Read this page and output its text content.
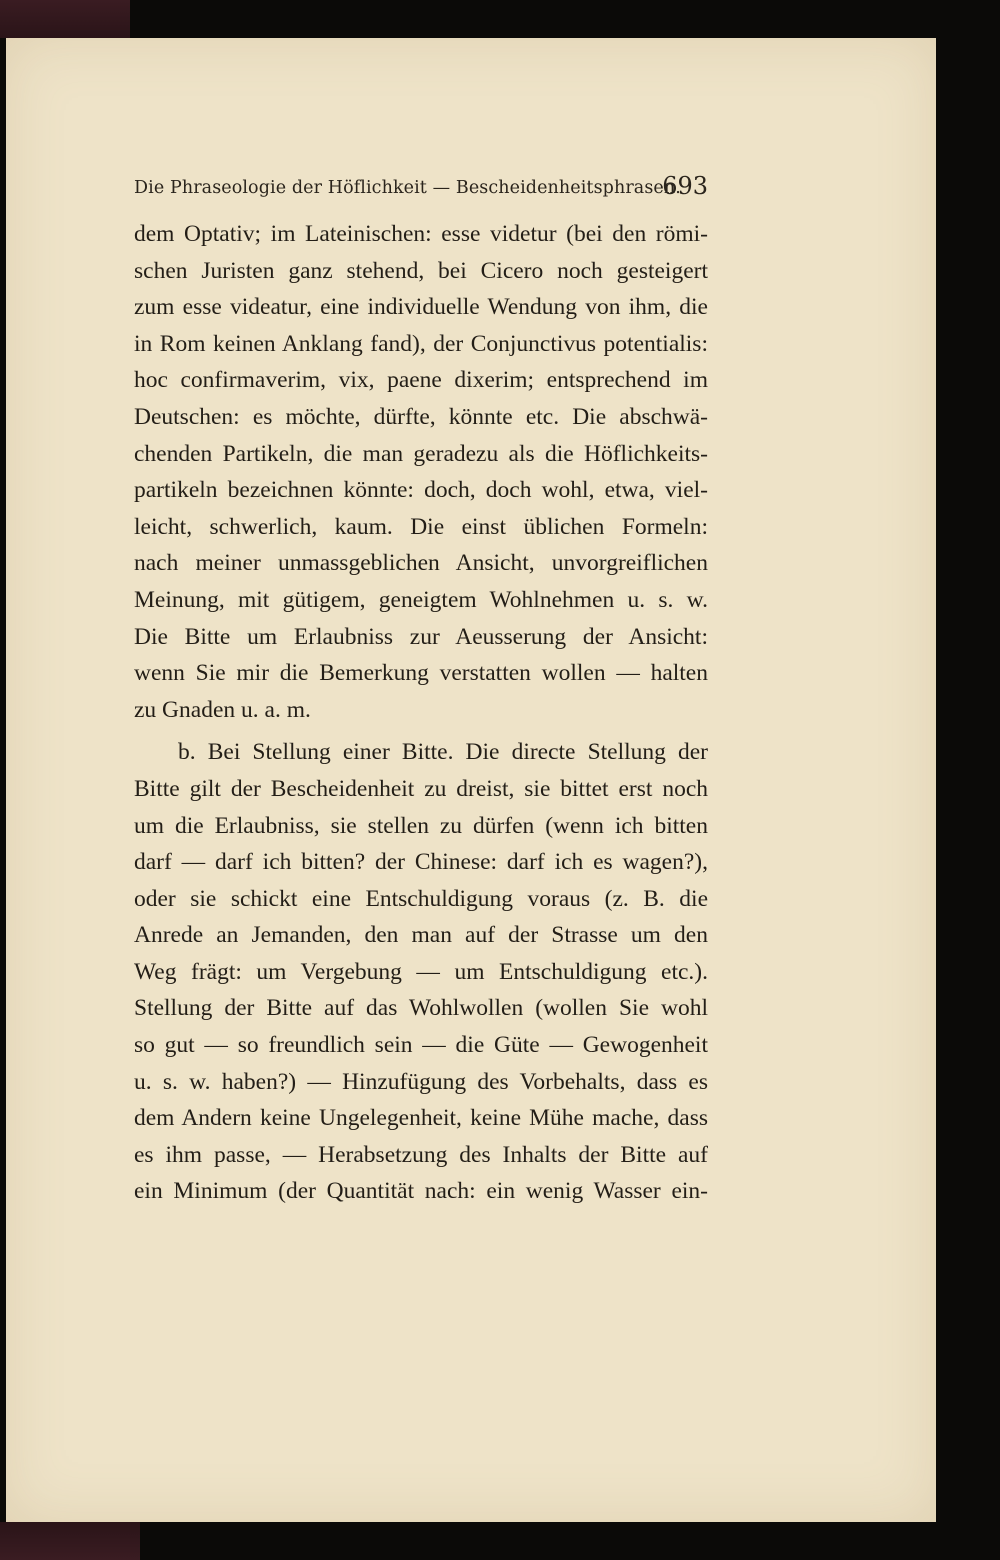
Die Phraseologie der Höflichkeit — Bescheidenheitsphrasen.
693
dem Optativ; im Lateinischen: esse videtur (bei den römi-
schen Juristen ganz stehend, bei Cicero noch gesteigert
zum esse videatur, eine individuelle Wendung von ihm, die
in Rom keinen Anklang fand), der Conjunctivus potentialis:
hoc confirmaverim, vix, paene dixerim; entsprechend im
Deutschen: es möchte, dürfte, könnte etc. Die abschwä-
chenden Partikeln, die man geradezu als die Höflichkeits-
partikeln bezeichnen könnte: doch, doch wohl, etwa, viel-
leicht, schwerlich, kaum. Die einst üblichen Formeln:
nach meiner unmassgeblichen Ansicht, unvorgreiflichen
Meinung, mit gütigem, geneigtem Wohlnehmen u. s. w.
Die Bitte um Erlaubniss zur Aeusserung der Ansicht:
wenn Sie mir die Bemerkung verstatten wollen — halten
zu Gnaden u. a. m.
b. Bei Stellung einer Bitte. Die directe Stellung der
Bitte gilt der Bescheidenheit zu dreist, sie bittet erst noch
um die Erlaubniss, sie stellen zu dürfen (wenn ich bitten
darf — darf ich bitten? der Chinese: darf ich es wagen?),
oder sie schickt eine Entschuldigung voraus (z. B. die
Anrede an Jemanden, den man auf der Strasse um den
Weg frägt: um Vergebung — um Entschuldigung etc.).
Stellung der Bitte auf das Wohlwollen (wollen Sie wohl
so gut — so freundlich sein — die Güte — Gewogenheit
u. s. w. haben?) — Hinzufügung des Vorbehalts, dass es
dem Andern keine Ungelegenheit, keine Mühe mache, dass
es ihm passe, — Herabsetzung des Inhalts der Bitte auf
ein Minimum (der Quantität nach: ein wenig Wasser ein-
